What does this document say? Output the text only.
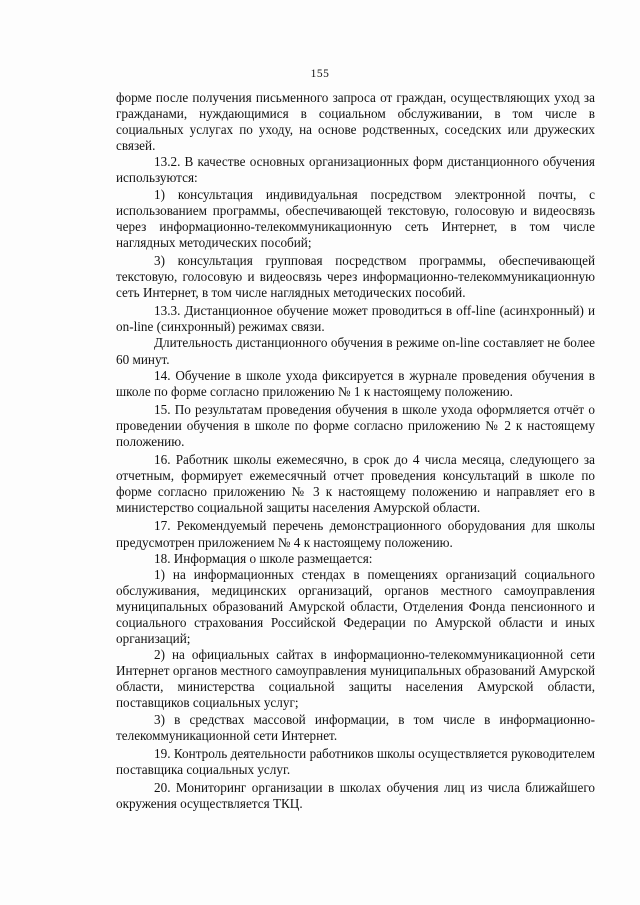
155

форме после получения письменного запроса от граждан, осуществляющих уход за гражданами, нуждающимися в социальном обслуживании, в том числе в социальных услугах по уходу, на основе родственных, соседских или дружеских связей.

13.2. В качестве основных организационных форм дистанционного обучения используются:

1) консультация индивидуальная посредством электронной почты, с использованием программы, обеспечивающей текстовую, голосовую и видеосвязь через информационно-телекоммуникационную сеть Интернет, в том числе наглядных методических пособий;

3) консультация групповая посредством программы, обеспечивающей текстовую, голосовую и видеосвязь через информационно-телекоммуникационную сеть Интернет, в том числе наглядных методических пособий.

13.3. Дистанционное обучение может проводиться в off-line (асинхронный) и on-line (синхронный) режимах связи.

Длительность дистанционного обучения в режиме on-line составляет не более 60 минут.

14. Обучение в школе ухода фиксируется в журнале проведения обучения в школе по форме согласно приложению № 1 к настоящему положению.

15. По результатам проведения обучения в школе ухода оформляется отчёт о проведении обучения в школе по форме согласно приложению № 2 к настоящему положению.

16. Работник школы ежемесячно, в срок до 4 числа месяца, следующего за отчетным, формирует ежемесячный отчет проведения консультаций в школе по форме согласно приложению № 3 к настоящему положению и направляет его в министерство социальной защиты населения Амурской области.

17. Рекомендуемый перечень демонстрационного оборудования для школы предусмотрен приложением № 4 к настоящему положению.

18. Информация о школе размещается:

1) на информационных стендах в помещениях организаций социального обслуживания, медицинских организаций, органов местного самоуправления муниципальных образований Амурской области, Отделения Фонда пенсионного и социального страхования Российской Федерации по Амурской области и иных организаций;

2) на официальных сайтах в информационно-телекоммуникационной сети Интернет органов местного самоуправления муниципальных образований Амурской области, министерства социальной защиты населения Амурской области, поставщиков социальных услуг;

3) в средствах массовой информации, в том числе в информационно-телекоммуникационной сети Интернет.

19. Контроль деятельности работников школы осуществляется руководителем поставщика социальных услуг.

20. Мониторинг организации в школах обучения лиц из числа ближайшего окружения осуществляется ТКЦ.
